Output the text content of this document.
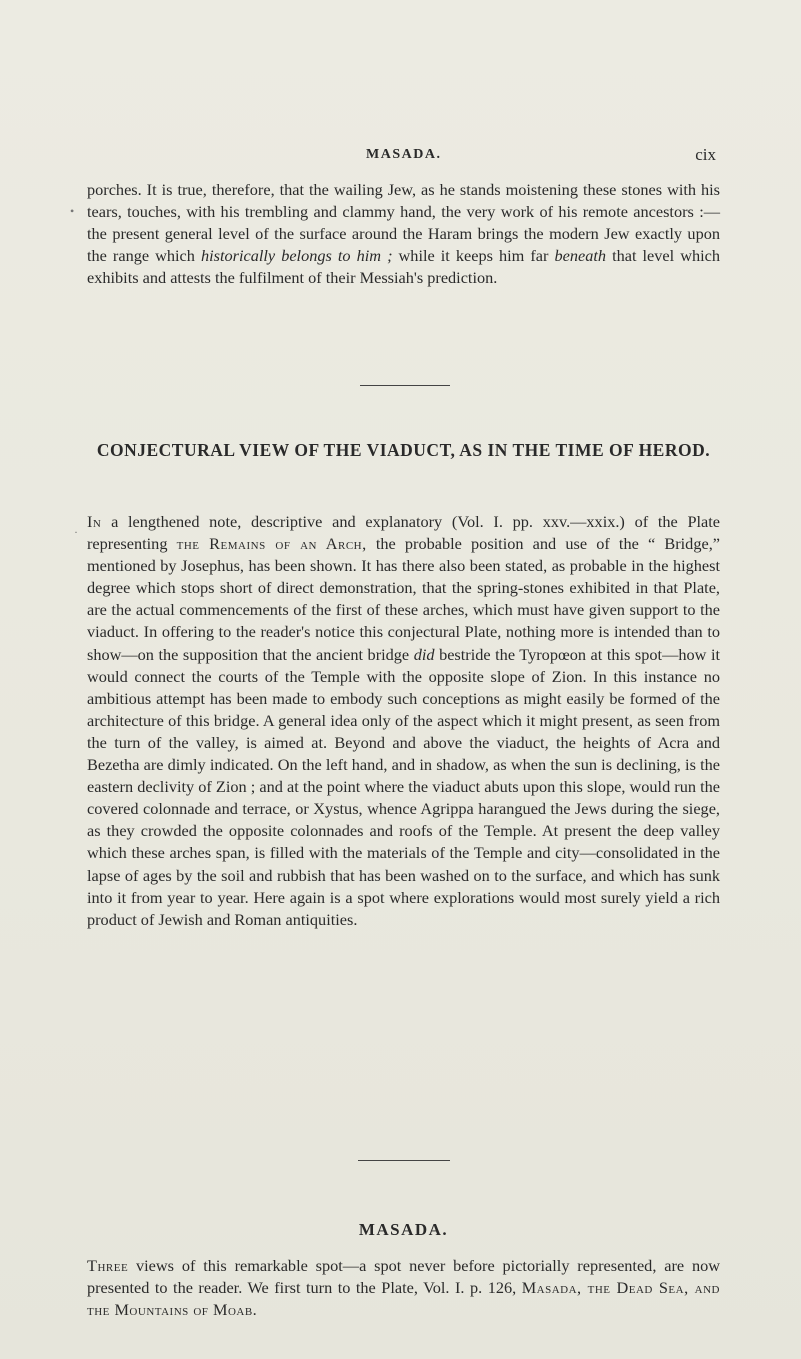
MASADA.	cix
•
·

porches. It is true, therefore, that the wailing Jew, as he stands moistening these stones with his tears, touches, with his trembling and clammy hand, the very work of his remote ancestors :—the present general level of the surface around the Haram brings the modern Jew exactly upon the range which historically belongs to him ; while it keeps him far beneath that level which exhibits and attests the fulfilment of their Messiah's prediction.

CONJECTURAL VIEW OF THE VIADUCT, AS IN THE TIME OF HEROD.

In a lengthened note, descriptive and explanatory (Vol. I. pp. xxv.—xxix.) of the Plate representing the Remains of an Arch, the probable position and use of the “ Bridge,” mentioned by Josephus, has been shown. It has there also been stated, as probable in the highest degree which stops short of direct demonstration, that the spring-stones exhibited in that Plate, are the actual commencements of the first of these arches, which must have given support to the viaduct. In offering to the reader's notice this conjectural Plate, nothing more is intended than to show—on the supposition that the ancient bridge did bestride the Tyropœon at this spot—how it would connect the courts of the Temple with the opposite slope of Zion. In this instance no ambitious attempt has been made to embody such conceptions as might easily be formed of the architecture of this bridge. A general idea only of the aspect which it might present, as seen from the turn of the valley, is aimed at. Beyond and above the viaduct, the heights of Acra and Bezetha are dimly indicated. On the left hand, and in shadow, as when the sun is declining, is the eastern declivity of Zion ; and at the point where the viaduct abuts upon this slope, would run the covered colonnade and terrace, or Xystus, whence Agrippa harangued the Jews during the siege, as they crowded the opposite colonnades and roofs of the Temple. At present the deep valley which these arches span, is filled with the materials of the Temple and city—consolidated in the lapse of ages by the soil and rubbish that has been washed on to the surface, and which has sunk into it from year to year. Here again is a spot where explorations would most surely yield a rich product of Jewish and Roman antiquities.

MASADA.

Three views of this remarkable spot—a spot never before pictorially represented, are now presented to the reader. We first turn to the Plate, Vol. I. p. 126, Masada, the Dead Sea, and the Mountains of Moab.
